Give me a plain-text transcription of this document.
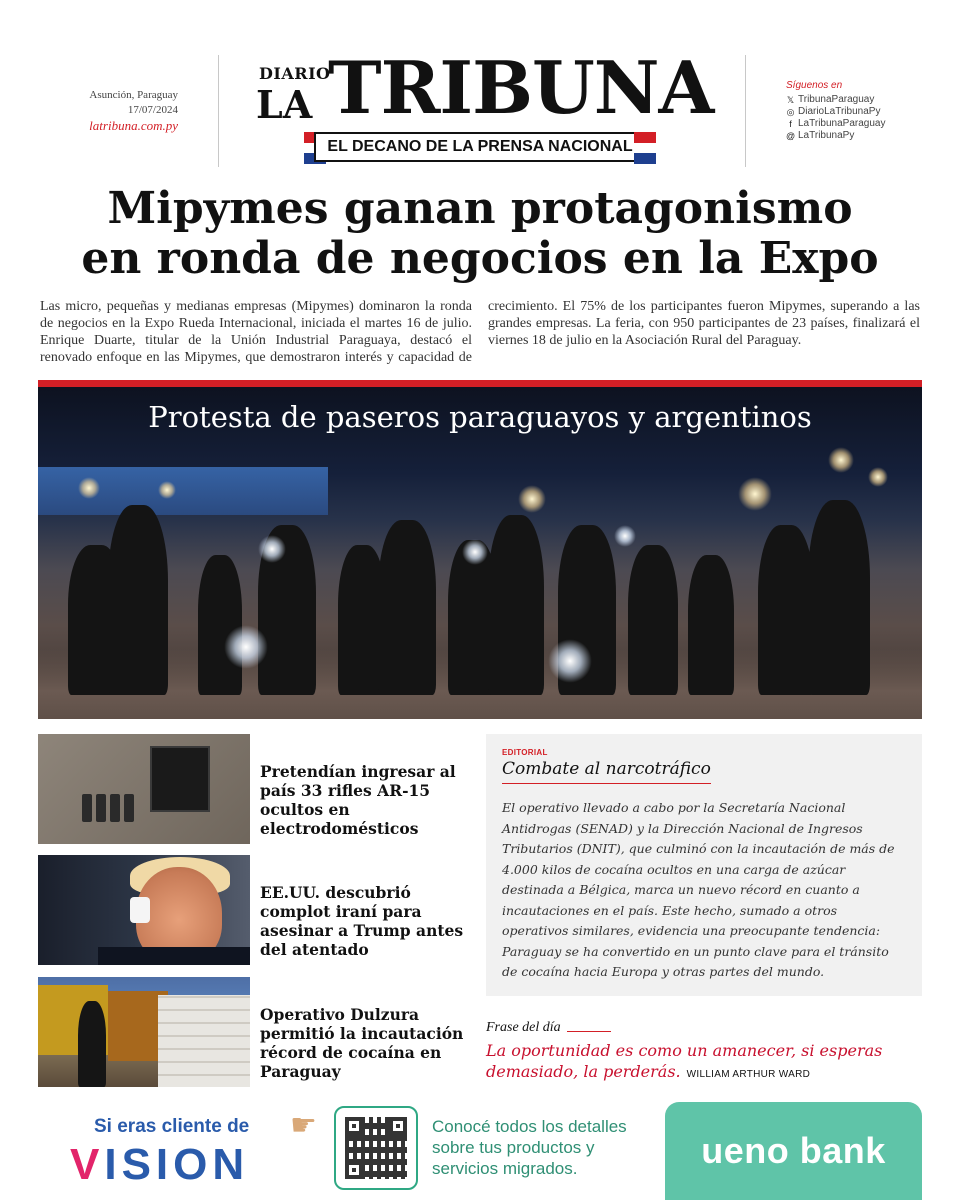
Asunción, Paraguay
17/07/2024
latribuna.com.py
DIARIO
LA TRIBUNA
EL DECANO DE LA PRENSA NACIONAL
Síguenos en
𝕏 TribunaParaguay
◎ DiarioLaTribunaPy
f LaTribunaParaguay
@ LaTribunaPy
Mipymes ganan protagonismo
en ronda de negocios en la Expo

Las micro, pequeñas y medianas empresas (Mipymes) dominaron la ronda de negocios en la Expo Rueda Internacional, iniciada el martes 16 de julio. Enrique Duarte, titular de la Unión Industrial Paraguaya, destacó el renovado enfoque en las Mipymes, que demostraron interés y capacidad de crecimiento. El 75% de los participantes fueron Mipymes, superando a las grandes empresas. La feria, con 950 participantes de 23 países, finalizará el viernes 18 de julio en la Asociación Rural del Paraguay.

Protesta de paseros paraguayos y argentinos
Pretendían ingresar al país 33 rifles AR-15 ocultos en electrodomésticos
EE.UU. descubrió complot iraní para asesinar a Trump antes del atentado
Operativo Dulzura permitió la incautación récord de cocaína en Paraguay
EDITORIAL
Combate al narcotráfico

El operativo llevado a cabo por la Secretaría Nacional Antidrogas (SENAD) y la Dirección Nacional de Ingresos Tributarios (DNIT), que culminó con la incautación de más de 4.000 kilos de cocaína ocultos en una carga de azúcar destinada a Bélgica, marca un nuevo récord en cuanto a incautaciones en el país. Este hecho, sumado a otros operativos similares, evidencia una preocupante tendencia: Paraguay se ha convertido en un punto clave para el tránsito de cocaína hacia Europa y otras partes del mundo.

Frase del día

La oportunidad es como un amanecer, si esperas demasiado, la perderás. WILLIAM ARTHUR WARD

Si eras cliente de
VISION
☛	Conocé todos los detalles sobre tus productos y servicios migrados.	ueno bank
